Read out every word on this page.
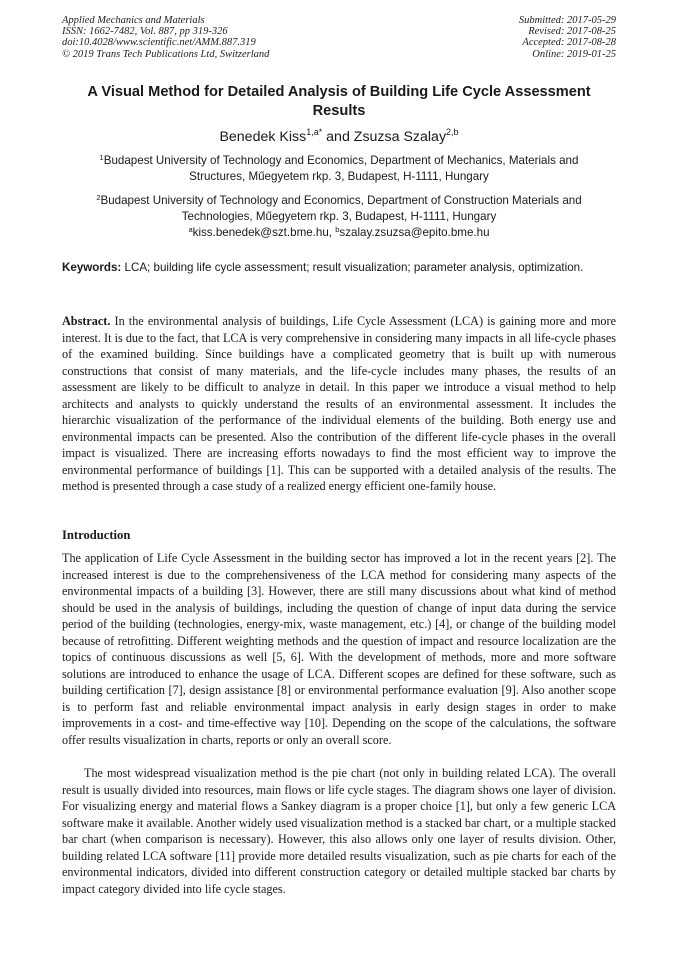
Applied Mechanics and Materials
ISSN: 1662-7482, Vol. 887, pp 319-326
doi:10.4028/www.scientific.net/AMM.887.319
© 2019 Trans Tech Publications Ltd, Switzerland
Submitted: 2017-05-29
Revised: 2017-08-25
Accepted: 2017-08-28
Online: 2019-01-25
A Visual Method for Detailed Analysis of Building Life Cycle Assessment Results
Benedek Kiss$^{1,a*}$ and Zsuzsa Szalay$^{2,b}$
$^1$Budapest University of Technology and Economics, Department of Mechanics, Materials and Structures, Műegyetem rkp. 3, Budapest, H-1111, Hungary
$^2$Budapest University of Technology and Economics, Department of Construction Materials and Technologies, Műegyetem rkp. 3, Budapest, H-1111, Hungary
$^a$kiss.benedek@szt.bme.hu, $^b$szalay.zsuzsa@epito.bme.hu
Keywords: LCA; building life cycle assessment; result visualization; parameter analysis, optimization.
Abstract. In the environmental analysis of buildings, Life Cycle Assessment (LCA) is gaining more and more interest. It is due to the fact, that LCA is very comprehensive in considering many impacts in all life-cycle phases of the examined building. Since buildings have a complicated geometry that is built up with numerous constructions that consist of many materials, and the life-cycle includes many phases, the results of an assessment are likely to be difficult to analyze in detail. In this paper we introduce a visual method to help architects and analysts to quickly understand the results of an environmental assessment. It includes the hierarchic visualization of the performance of the individual elements of the building. Both energy use and environmental impacts can be presented. Also the contribution of the different life-cycle phases in the overall impact is visualized. There are increasing efforts nowadays to find the most efficient way to improve the environmental performance of buildings [1]. This can be supported with a detailed analysis of the results. The method is presented through a case study of a realized energy efficient one-family house.
Introduction
The application of Life Cycle Assessment in the building sector has improved a lot in the recent years [2]. The increased interest is due to the comprehensiveness of the LCA method for considering many aspects of the environmental impacts of a building [3]. However, there are still many discussions about what kind of method should be used in the analysis of buildings, including the question of change of input data during the service period of the building (technologies, energy-mix, waste management, etc.) [4], or change of the building model because of retrofitting. Different weighting methods and the question of impact and resource localization are the topics of continuous discussions as well [5, 6]. With the development of methods, more and more software solutions are introduced to enhance the usage of LCA. Different scopes are defined for these software, such as building certification [7], design assistance [8] or environmental performance evaluation [9]. Also another scope is to perform fast and reliable environmental impact analysis in early design stages in order to make improvements in a cost- and time-effective way [10]. Depending on the scope of the calculations, the software offer results visualization in charts, reports or only an overall score.
The most widespread visualization method is the pie chart (not only in building related LCA). The overall result is usually divided into resources, main flows or life cycle stages. The diagram shows one layer of division. For visualizing energy and material flows a Sankey diagram is a proper choice [1], but only a few generic LCA software make it available. Another widely used visualization method is a stacked bar chart, or a multiple stacked bar chart (when comparison is necessary). However, this also allows only one layer of results division. Other, building related LCA software [11] provide more detailed results visualization, such as pie charts for each of the environmental indicators, divided into different construction category or detailed multiple stacked bar charts by impact category divided into life cycle stages.
